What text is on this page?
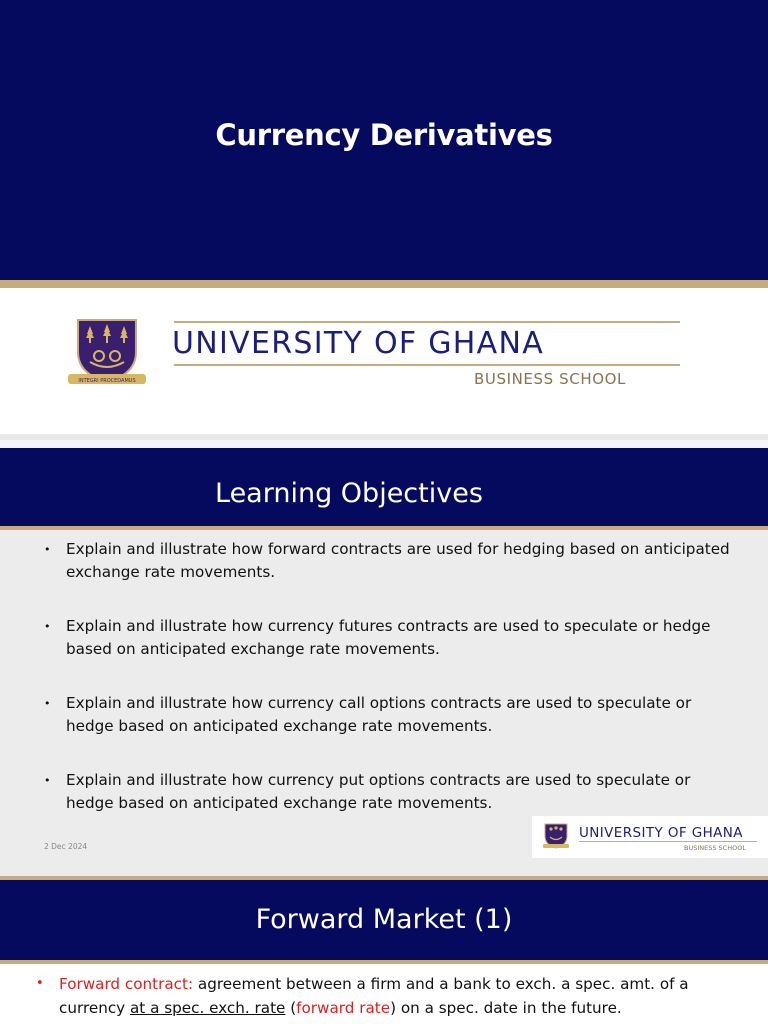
Currency Derivatives
INTEGRI PROCEDAMUS
UNIVERSITY OF GHANA
BUSINESS SCHOOL
Learning Objectives
• Explain and illustrate how forward contracts are used for hedging based on anticipated exchange rate movements.
• Explain and illustrate how currency futures contracts are used to speculate or hedge based on anticipated exchange rate movements.
• Explain and illustrate how currency call options contracts are used to speculate or hedge based on anticipated exchange rate movements.
• Explain and illustrate how currency put options contracts are used to speculate or hedge based on anticipated exchange rate movements.
2 Dec 2024
UNIVERSITY OF GHANA
BUSINESS SCHOOL
Forward Market (1)
• Forward contract: agreement between a firm and a bank to exch. a spec. amt. of a currency at a spec. exch. rate (forward rate) on a spec. date in the future.
